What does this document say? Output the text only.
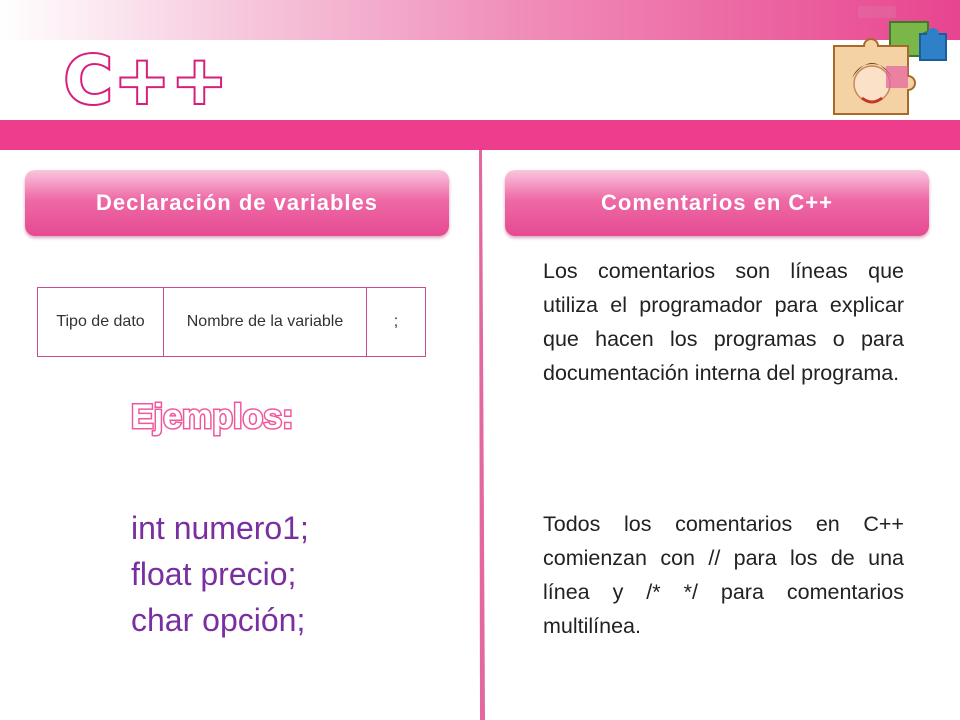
C++
Declaración de variables	Comentarios en C++
Tipo de dato	Nombre de la variable	;
Ejemplos:
int numero1;
float precio;
char opción;
Los comentarios son líneas que utiliza el programador para explicar que hacen los programas o para documentación interna del programa.
Todos los comentarios en C++ comienzan con // para los de una línea y /* */ para comentarios multilínea.
